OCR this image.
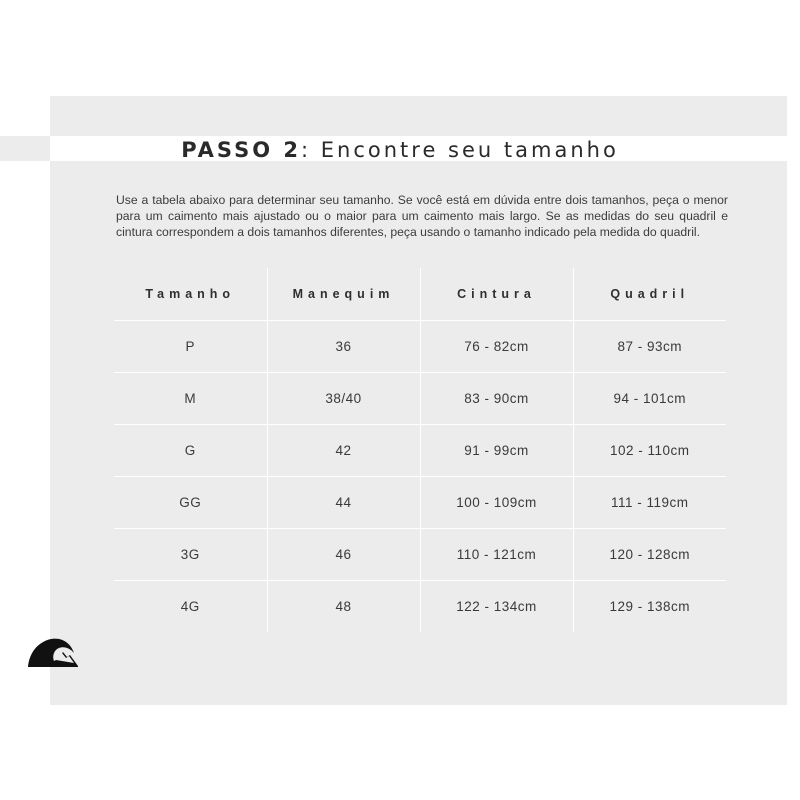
PASSO 2: Encontre seu tamanho

Use a tabela abaixo para determinar seu tamanho. Se você está em dúvida entre dois tamanhos, peça o menor para um caimento mais ajustado ou o maior para um caimento mais largo. Se as medidas do seu quadril e cintura correspondem a dois tamanhos diferentes, peça usando o tamanho indicado pela medida do quadril.

Tamanho	Manequim	Cintura	Quadril
P	36	76 - 82cm	87 - 93cm
M	38/40	83 - 90cm	94 - 101cm
G	42	91 - 99cm	102 - 110cm
GG	44	100 - 109cm	111 - 119cm
3G	46	110 - 121cm	120 - 128cm
4G	48	122 - 134cm	129 - 138cm
